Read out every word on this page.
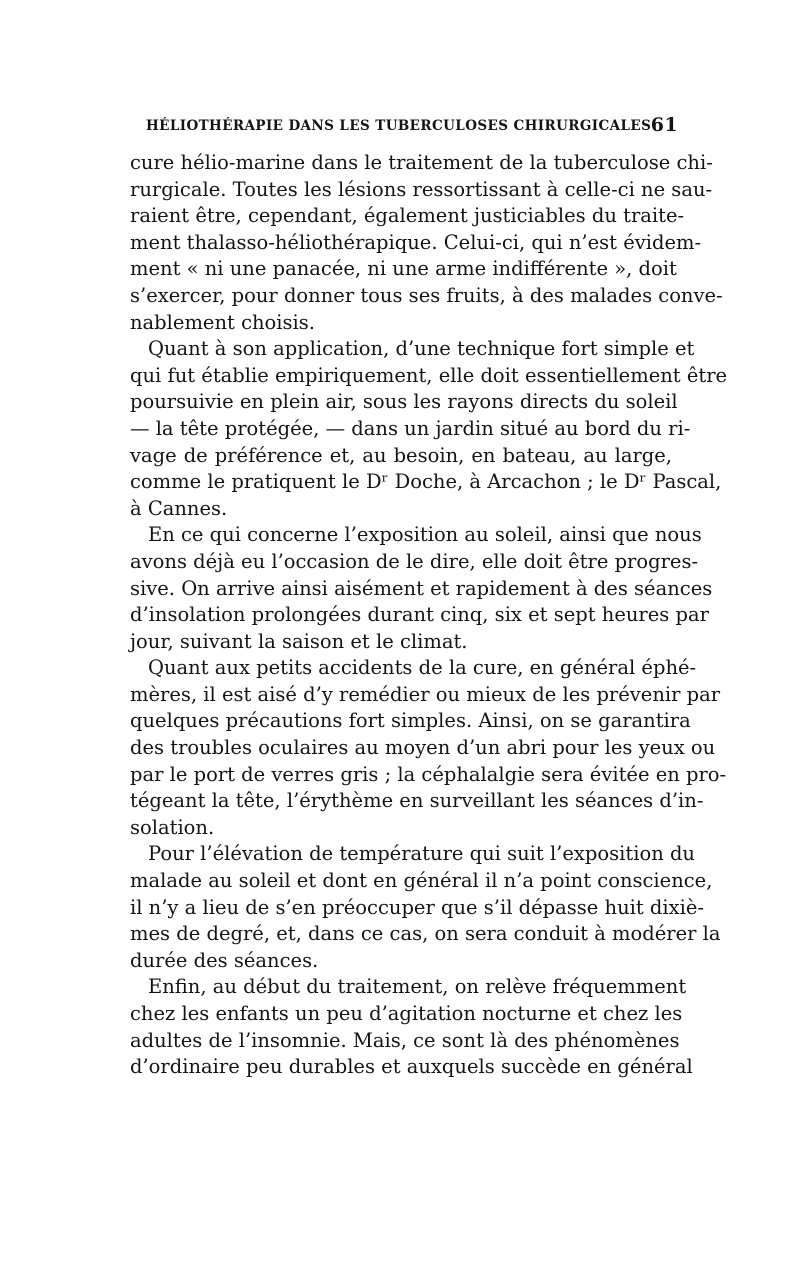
HÉLIOTHÉRAPIE DANS LES TUBERCULOSES CHIRURGICALES 61
cure hélio-marine dans le traitement de la tuberculose chi-
rurgicale. Toutes les lésions ressortissant à celle-ci ne sau-
raient être, cependant, également justiciables du traite-
ment thalasso-héliothérapique. Celui-ci, qui n’est évidem-
ment « ni une panacée, ni une arme indifférente », doit
s’exercer, pour donner tous ses fruits, à des malades conve-
nablement choisis.
Quant à son application, d’une technique fort simple et
qui fut établie empiriquement, elle doit essentiellement être
poursuivie en plein air, sous les rayons directs du soleil
— la tête protégée, — dans un jardin situé au bord du ri-
vage de préférence et, au besoin, en bateau, au large,
comme le pratiquent le Dʳ Doche, à Arcachon ; le Dʳ Pascal,
à Cannes.
En ce qui concerne l’exposition au soleil, ainsi que nous
avons déjà eu l’occasion de le dire, elle doit être progres-
sive. On arrive ainsi aisément et rapidement à des séances
d’insolation prolongées durant cinq, six et sept heures par
jour, suivant la saison et le climat.
Quant aux petits accidents de la cure, en général éphé-
mères, il est aisé d’y remédier ou mieux de les prévenir par
quelques précautions fort simples. Ainsi, on se garantira
des troubles oculaires au moyen d’un abri pour les yeux ou
par le port de verres gris ; la céphalalgie sera évitée en pro-
tégeant la tête, l’érythème en surveillant les séances d’in-
solation.
Pour l’élévation de température qui suit l’exposition du
malade au soleil et dont en général il n’a point conscience,
il n’y a lieu de s’en préoccuper que s’il dépasse huit dixiè-
mes de degré, et, dans ce cas, on sera conduit à modérer la
durée des séances.
Enfin, au début du traitement, on relève fréquemment
chez les enfants un peu d’agitation nocturne et chez les
adultes de l’insomnie. Mais, ce sont là des phénomènes
d’ordinaire peu durables et auxquels succède en général
